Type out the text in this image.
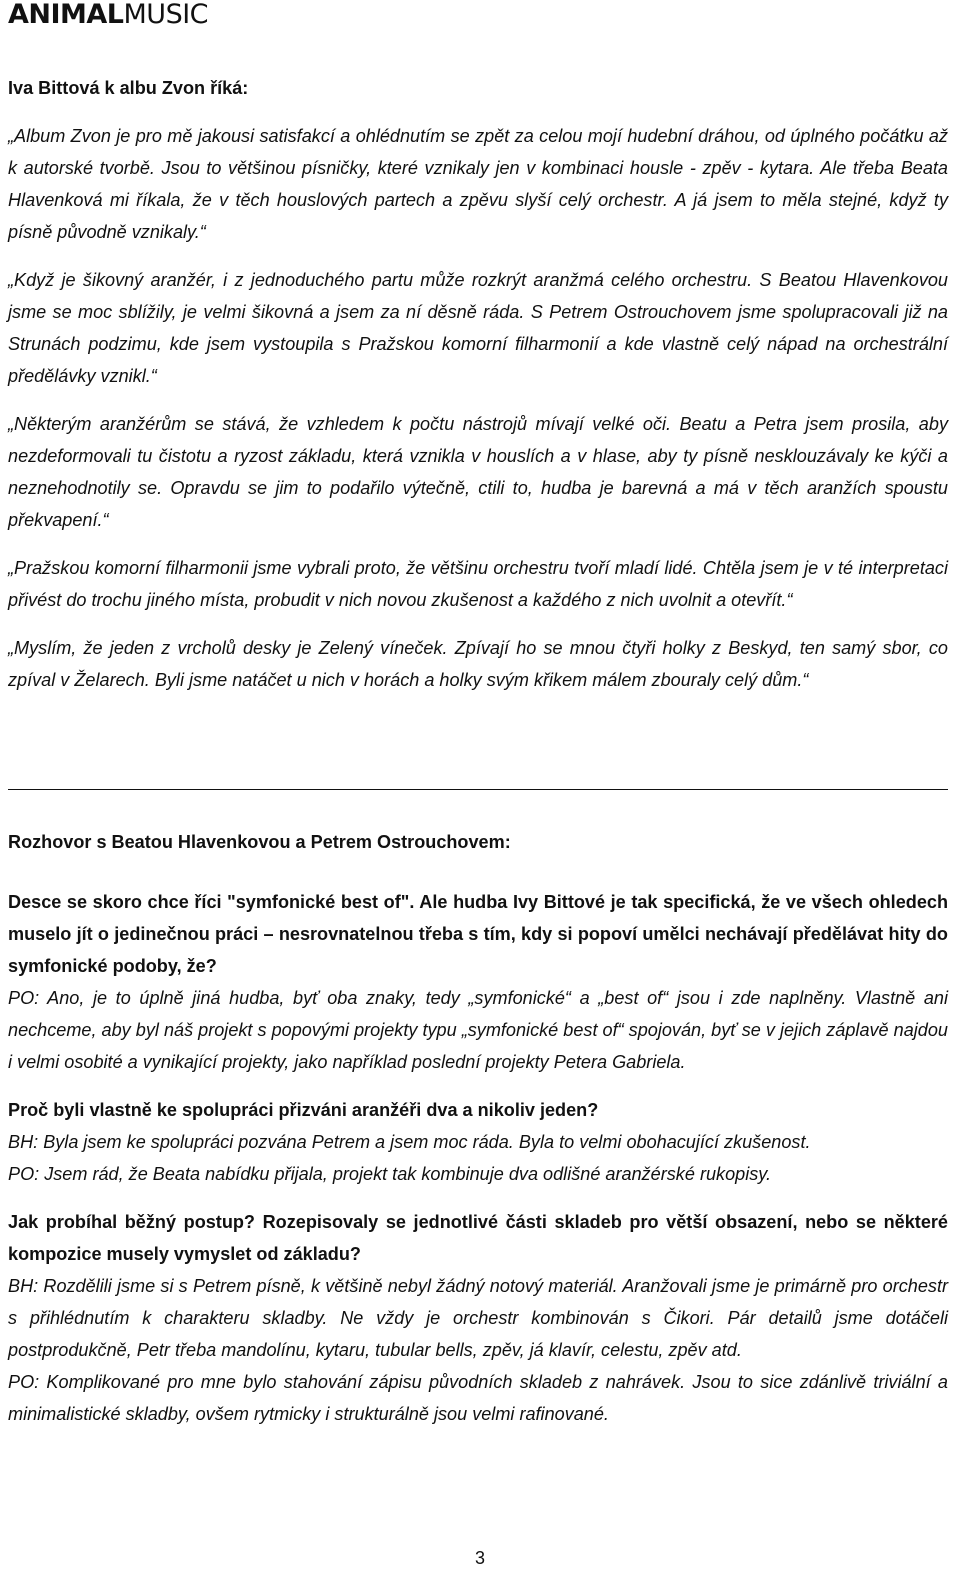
ANIMALMUSIC

Iva Bittová k albu Zvon říká:

„Album Zvon je pro mě jakousi satisfakcí a ohlédnutím se zpět za celou mojí hudební dráhou, od úplného počátku až k autorské tvorbě. Jsou to většinou písničky, které vznikaly jen v kombinaci housle - zpěv - kytara. Ale třeba Beata Hlavenková mi říkala, že v těch houslových partech a zpěvu slyší celý orchestr. A já jsem to měla stejné, když ty písně původně vznikaly.“

„Když je šikovný aranžér, i z jednoduchého partu může rozkrýt aranžmá celého orchestru. S Beatou Hlavenkovou jsme se moc sblížily, je velmi šikovná a jsem za ní děsně ráda. S Petrem Ostrouchovem jsme spolupracovali již na Strunách podzimu, kde jsem vystoupila s Pražskou komorní filharmonií a kde vlastně celý nápad na orchestrální předělávky vznikl.“

„Některým aranžérům se stává, že vzhledem k počtu nástrojů mívají velké oči. Beatu a Petra jsem prosila, aby nezdeformovali tu čistotu a ryzost základu, která vznikla v houslích a v hlase, aby ty písně nesklouzávaly ke kýči a neznehodnotily se. Opravdu se jim to podařilo výtečně, ctili to, hudba je barevná a má v těch aranžích spoustu překvapení.“

„Pražskou komorní filharmonii jsme vybrali proto, že většinu orchestru tvoří mladí lidé. Chtěla jsem je v té interpretaci přivést do trochu jiného místa, probudit v nich novou zkušenost a každého z nich uvolnit a otevřít.“

„Myslím, že jeden z vrcholů desky je Zelený víneček. Zpívají ho se mnou čtyři holky z Beskyd, ten samý sbor, co zpíval v Želarech. Byli jsme natáčet u nich v horách a holky svým křikem málem zbouraly celý dům.“

Rozhovor s Beatou Hlavenkovou a Petrem Ostrouchovem:

Desce se skoro chce říci "symfonické best of". Ale hudba Ivy Bittové je tak specifická, že ve všech ohledech muselo jít o jedinečnou práci – nesrovnatelnou třeba s tím, kdy si popoví umělci nechávají předělávat hity do symfonické podoby, že?

PO: Ano, je to úplně jiná hudba, byť oba znaky, tedy „symfonické“ a „best of“ jsou i zde naplněny. Vlastně ani nechceme, aby byl náš projekt s popovými projekty typu „symfonické best of“ spojován, byť se v jejich záplavě najdou i velmi osobité a vynikající projekty, jako například poslední projekty Petera Gabriela.

Proč byli vlastně ke spolupráci přizváni aranžéři dva a nikoliv jeden?

BH: Byla jsem ke spolupráci pozvána Petrem a jsem moc ráda. Byla to velmi obohacující zkušenost.

PO: Jsem rád, že Beata nabídku přijala, projekt tak kombinuje dva odlišné aranžérské rukopisy.

Jak probíhal běžný postup? Rozepisovaly se jednotlivé části skladeb pro větší obsazení, nebo se některé kompozice musely vymyslet od základu?

BH: Rozdělili jsme si s Petrem písně, k většině nebyl žádný notový materiál. Aranžovali jsme je primárně pro orchestr s přihlédnutím k charakteru skladby. Ne vždy je orchestr kombinován s Čikori. Pár detailů jsme dotáčeli postprodukčně, Petr třeba mandolínu, kytaru, tubular bells, zpěv, já klavír, celestu, zpěv atd.

PO: Komplikované pro mne bylo stahování zápisu původních skladeb z nahrávek. Jsou to sice zdánlivě triviální a minimalistické skladby, ovšem rytmicky i strukturálně jsou velmi rafinované.

3
